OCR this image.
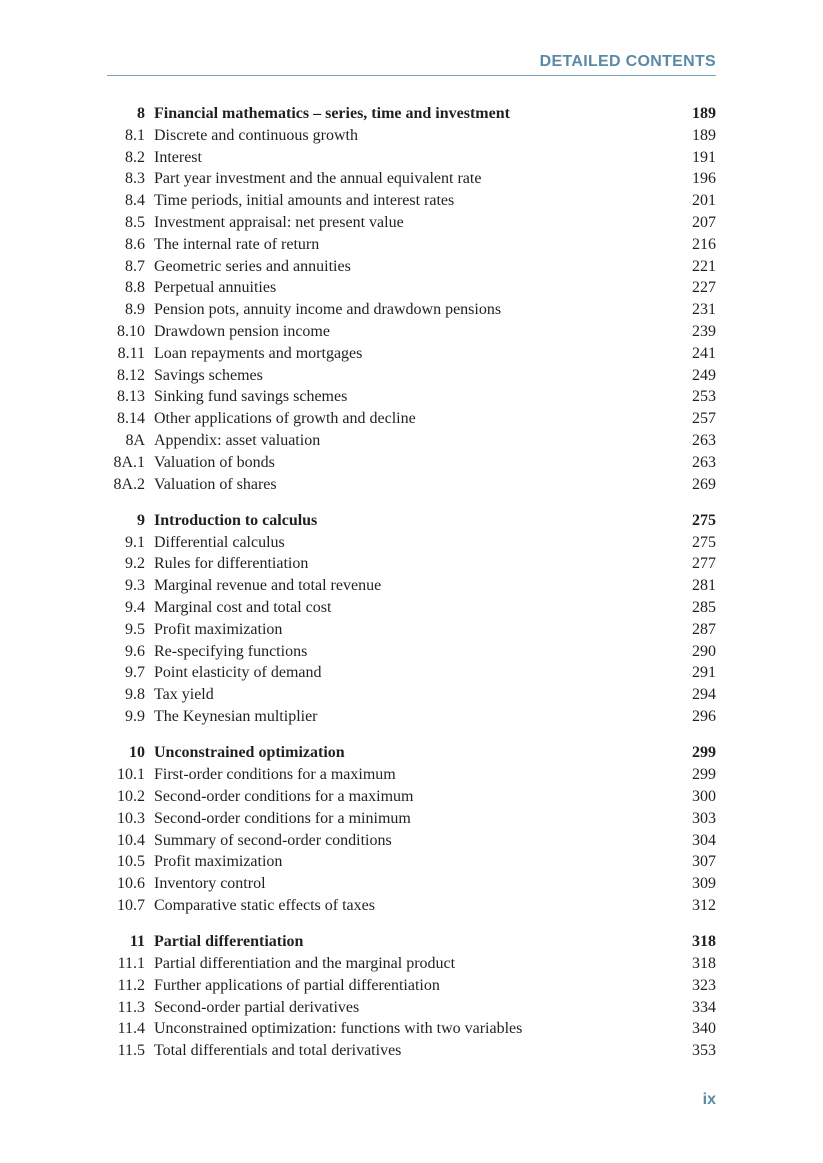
DETAILED CONTENTS
8 Financial mathematics – series, time and investment	189
8.1 Discrete and continuous growth	189
8.2 Interest	191
8.3 Part year investment and the annual equivalent rate	196
8.4 Time periods, initial amounts and interest rates	201
8.5 Investment appraisal: net present value	207
8.6 The internal rate of return	216
8.7 Geometric series and annuities	221
8.8 Perpetual annuities	227
8.9 Pension pots, annuity income and drawdown pensions	231
8.10 Drawdown pension income	239
8.11 Loan repayments and mortgages	241
8.12 Savings schemes	249
8.13 Sinking fund savings schemes	253
8.14 Other applications of growth and decline	257
8A Appendix: asset valuation	263
8A.1 Valuation of bonds	263
8A.2 Valuation of shares	269
9 Introduction to calculus	275
9.1 Differential calculus	275
9.2 Rules for differentiation	277
9.3 Marginal revenue and total revenue	281
9.4 Marginal cost and total cost	285
9.5 Profit maximization	287
9.6 Re-specifying functions	290
9.7 Point elasticity of demand	291
9.8 Tax yield	294
9.9 The Keynesian multiplier	296
10 Unconstrained optimization	299
10.1 First-order conditions for a maximum	299
10.2 Second-order conditions for a maximum	300
10.3 Second-order conditions for a minimum	303
10.4 Summary of second-order conditions	304
10.5 Profit maximization	307
10.6 Inventory control	309
10.7 Comparative static effects of taxes	312
11 Partial differentiation	318
11.1 Partial differentiation and the marginal product	318
11.2 Further applications of partial differentiation	323
11.3 Second-order partial derivatives	334
11.4 Unconstrained optimization: functions with two variables	340
11.5 Total differentials and total derivatives	353
ix
